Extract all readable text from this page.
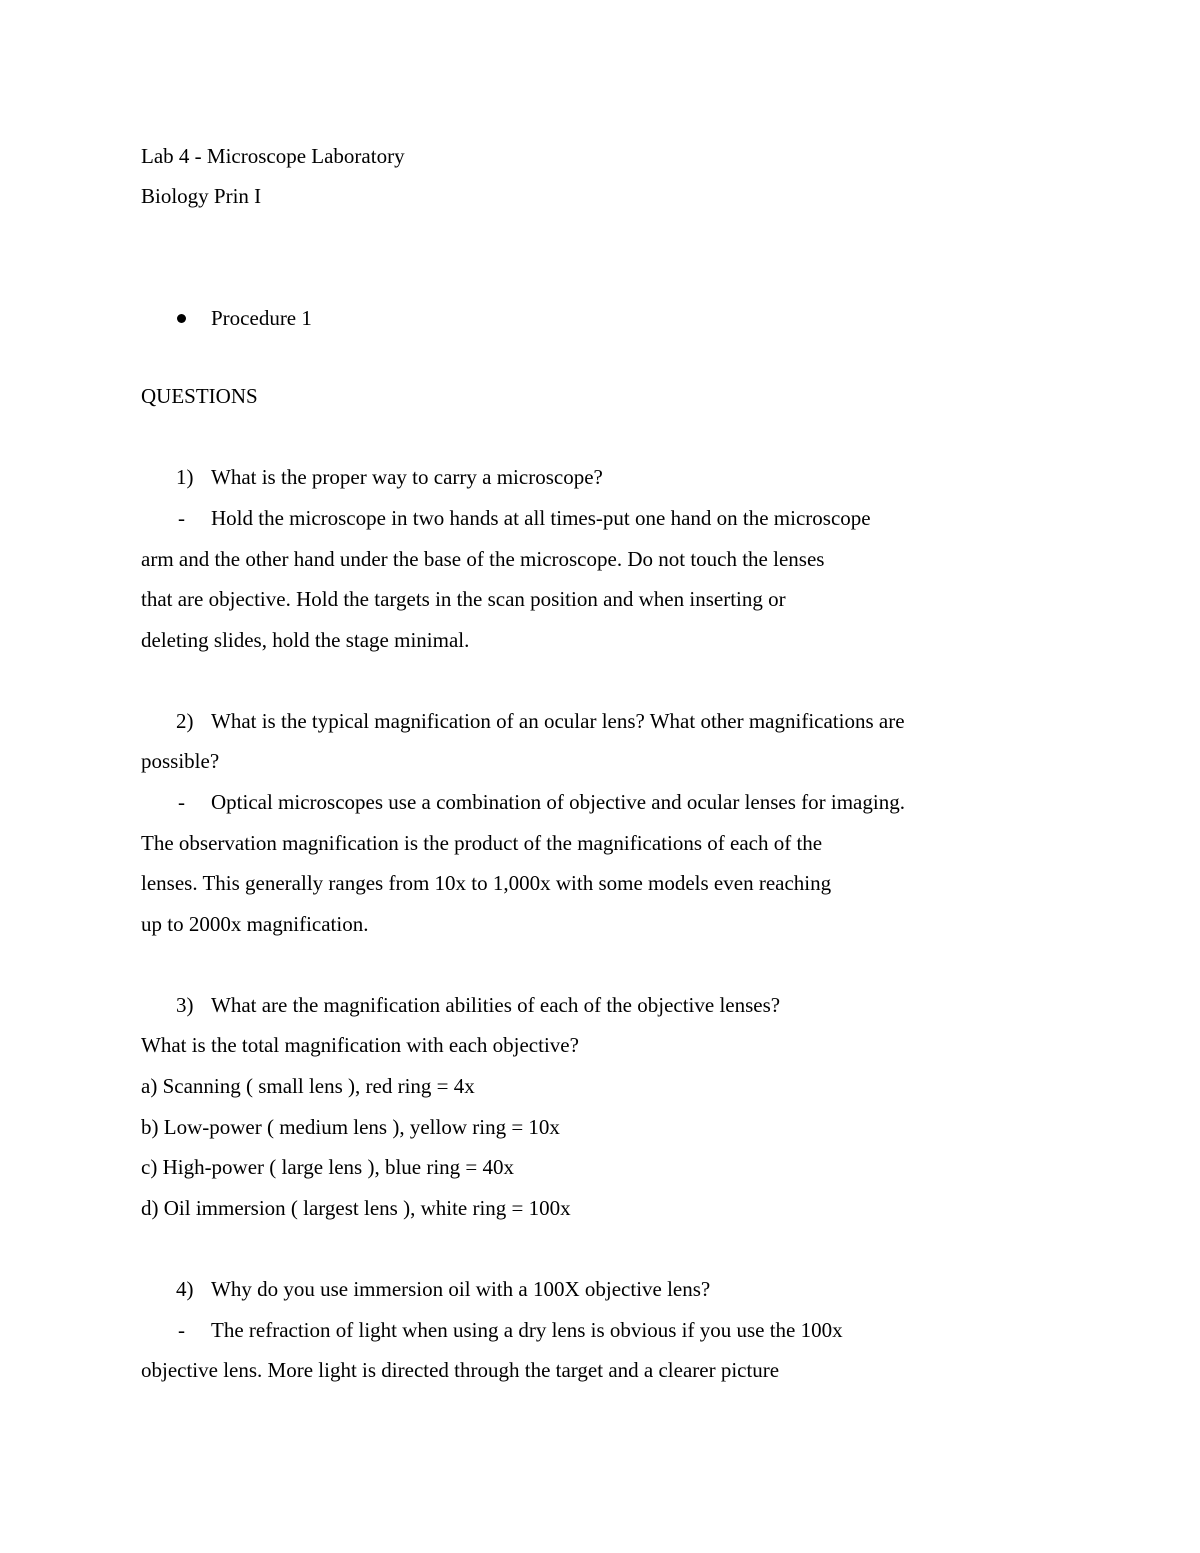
Lab 4 - Microscope Laboratory
Biology Prin I
Procedure 1
QUESTIONS
1) What is the proper way to carry a microscope?
- Hold the microscope in two hands at all times-put one hand on the microscope
arm and the other hand under the base of the microscope. Do not touch the lenses
that are objective. Hold the targets in the scan position and when inserting or
deleting slides, hold the stage minimal.
2) What is the typical magnification of an ocular lens? What other magnifications are
possible?
- Optical microscopes use a combination of objective and ocular lenses for imaging.
The observation magnification is the product of the magnifications of each of the
lenses. This generally ranges from 10x to 1,000x with some models even reaching
up to 2000x magnification.
3) What are the magnification abilities of each of the objective lenses?
What is the total magnification with each objective?
a) Scanning ( small lens ), red ring = 4x
b) Low-power ( medium lens ), yellow ring = 10x
c) High-power ( large lens ), blue ring = 40x
d) Oil immersion ( largest lens ), white ring = 100x
4) Why do you use immersion oil with a 100X objective lens?
- The refraction of light when using a dry lens is obvious if you use the 100x
objective lens. More light is directed through the target and a clearer picture
